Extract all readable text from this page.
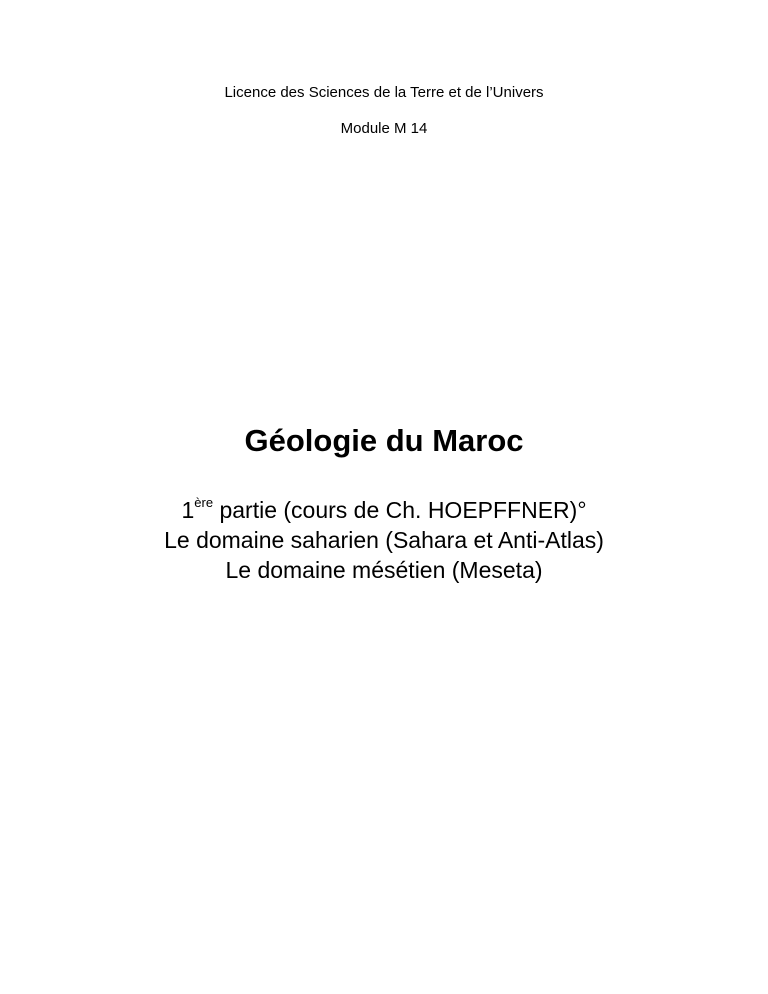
Licence des Sciences de la Terre et de l’Univers
Module M 14
Géologie du Maroc
1ère partie (cours de Ch. HOEPFFNER)°
Le domaine saharien (Sahara et Anti-Atlas)
Le domaine mésétien (Meseta)
